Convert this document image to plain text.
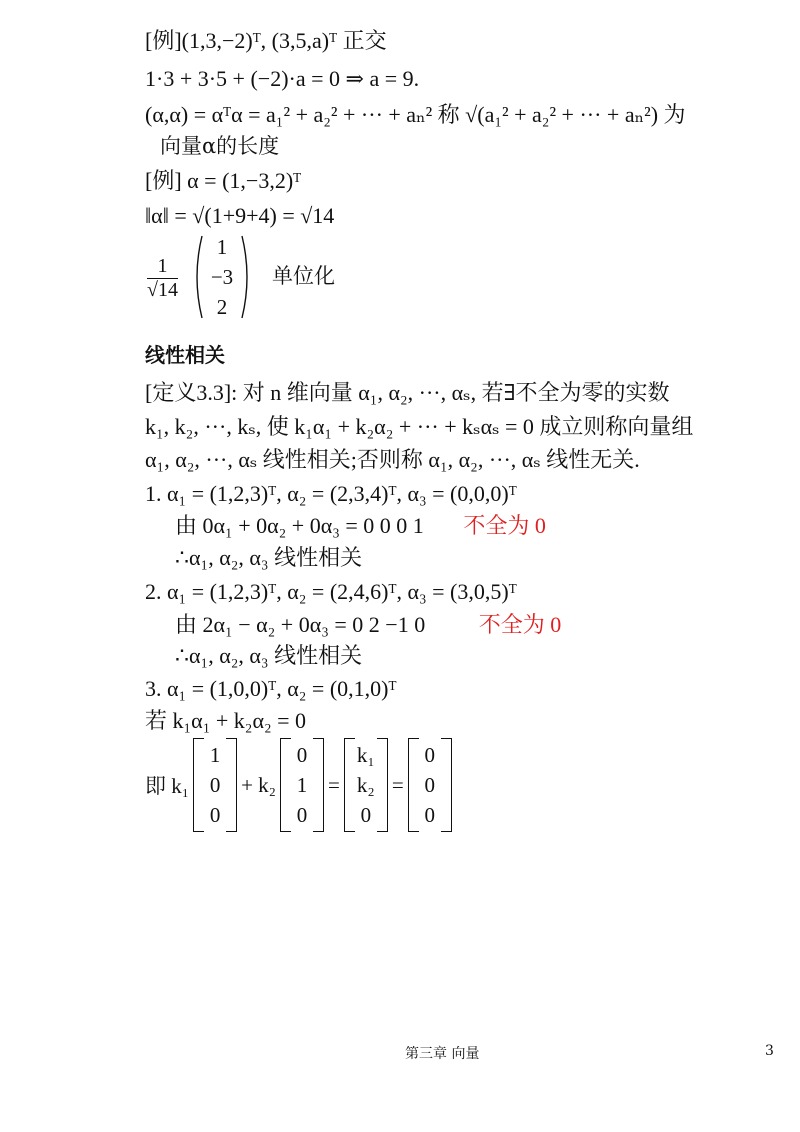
[例](1,3,−2)ᵀ, (3,5,a)ᵀ 正交
1·3 + 3·5 + (−2)·a = 0 ⇒ a = 9.
(α,α) = αᵀα = a₁² + a₂² + ··· + aₙ² 称 √(a₁² + a₂² + ··· + aₙ²) 为
向量α的长度
[例] α = (1,−3,2)ᵀ
‖α‖ = √(1+9+4) = √14
$\frac{1}{√14}$
1
−3
2
单位化
线性相关
[定义3.3]: 对 n 维向量 α₁, α₂, ···, αₛ, 若∃不全为零的实数
k₁, k₂, ···, kₛ, 使 k₁α₁ + k₂α₂ + ··· + kₛαₛ = 0 成立则称向量组
α₁, α₂, ···, αₛ 线性相关;否则称 α₁, α₂, ···, αₛ 线性无关.
1. α₁ = (1,2,3)ᵀ, α₂ = (2,3,4)ᵀ, α₃ = (0,0,0)ᵀ
由 0α₁ + 0α₂ + 0α₃ = 0 0 0 1 不全为 0
∴α₁, α₂, α₃ 线性相关
2. α₁ = (1,2,3)ᵀ, α₂ = (2,4,6)ᵀ, α₃ = (3,0,5)ᵀ
由 2α₁ − α₂ + 0α₃ = 0 2 −1 0 不全为 0
∴α₁, α₂, α₃ 线性相关
3. α₁ = (1,0,0)ᵀ, α₂ = (0,1,0)ᵀ
若 k₁α₁ + k₂α₂ = 0
即 k₁
1
0
0
+ k₂
0
1
0
=
k₁
k₂
0
=
0
0
0
第三章 向量	3
